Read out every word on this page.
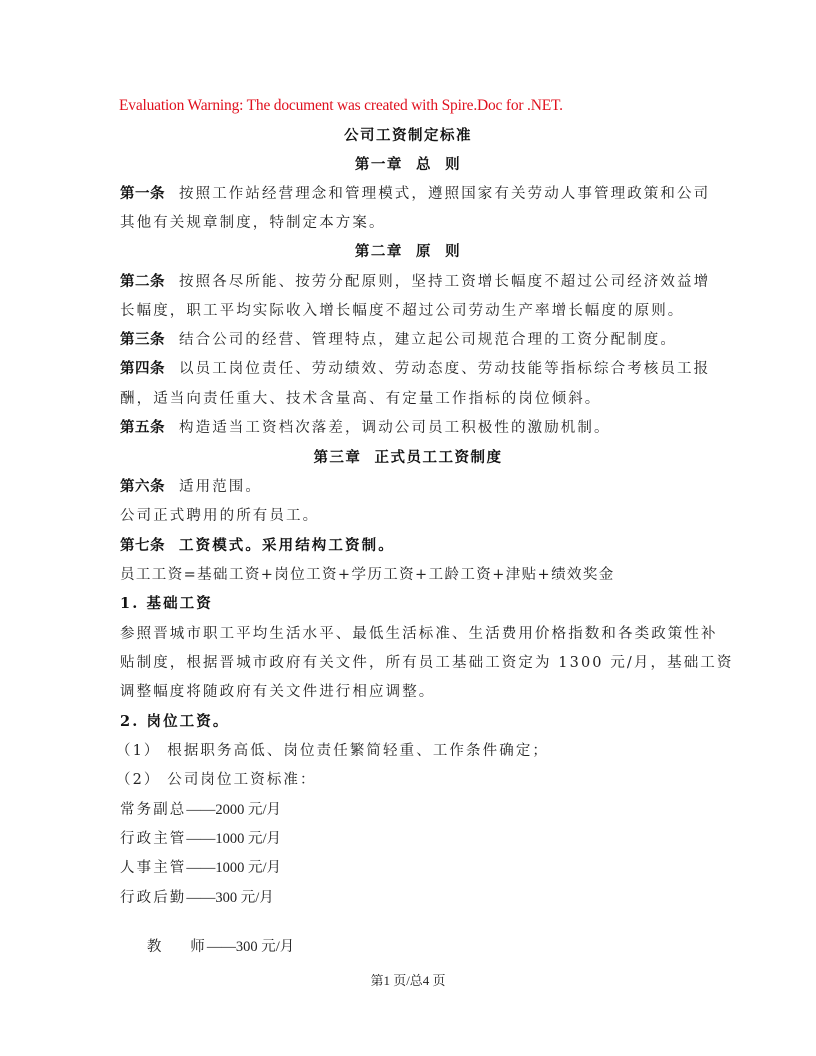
Evaluation Warning: The document was created with Spire.Doc for .NET.
公司工资制定标准
第一章  总  则
第一条 按照工作站经营理念和管理模式，遵照国家有关劳动人事管理政策和公司
其他有关规章制度，特制定本方案。
第二章  原  则
第二条 按照各尽所能、按劳分配原则，坚持工资增长幅度不超过公司经济效益增
长幅度，职工平均实际收入增长幅度不超过公司劳动生产率增长幅度的原则。
第三条 结合公司的经营、管理特点，建立起公司规范合理的工资分配制度。
第四条 以员工岗位责任、劳动绩效、劳动态度、劳动技能等指标综合考核员工报
酬，适当向责任重大、技术含量高、有定量工作指标的岗位倾斜。
第五条 构造适当工资档次落差，调动公司员工积极性的激励机制。
第三章  正式员工工资制度
第六条 适用范围。
公司正式聘用的所有员工。
第七条 工资模式。采用结构工资制。
员工工资=基础工资+岗位工资+学历工资+工龄工资+津贴+绩效奖金
1. 基础工资
参照晋城市职工平均生活水平、最低生活标准、生活费用价格指数和各类政策性补
贴制度，根据晋城市政府有关文件，所有员工基础工资定为 1300 元/月，基础工资
调整幅度将随政府有关文件进行相应调整。
2. 岗位工资。
（1） 根据职务高低、岗位责任繁简轻重、工作条件确定；
（2） 公司岗位工资标准：
常务副总——2000 元/月
行政主管——1000 元/月
人事主管——1000 元/月
行政后勤——300 元/月

教    师——300 元/月

第1 页/总4 页
